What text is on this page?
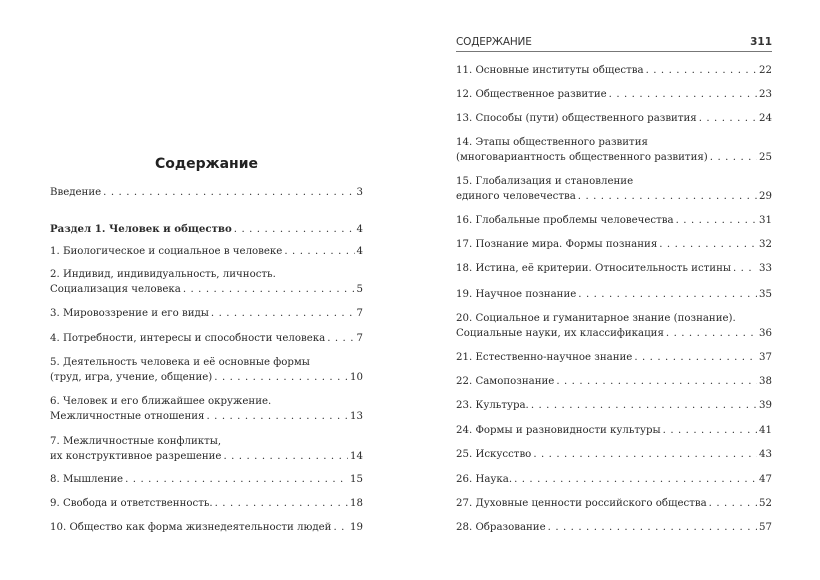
Содержание
Введение . . .	3
Раздел 1. Человек и общество . . .	4
1. Биологическое и социальное в человеке . . .	4
2. Индивид, индивидуальность, личность.
Социализация человека . . .	5
3. Мировоззрение и его виды . . .	7
4. Потребности, интересы и способности человека . . .	7
5. Деятельность человека и её основные формы
(труд, игра, учение, общение) . . .	10
6. Человек и его ближайшее окружение.
Межличностные отношения . . .	13
7. Межличностные конфликты,
их конструктивное разрешение . . .	14
8. Мышление . . .	15
9. Свобода и ответственность. . . .	18
10. Общество как форма жизнедеятельности людей . . . 19
СОДЕРЖАНИЕ	311
11. Основные институты общества . . .	22
12. Общественное развитие . . .	23
13. Способы (пути) общественного развития . . .	24
14. Этапы общественного развития
(многовариантность общественного развития) . . .	25
15. Глобализация и становление
единого человечества . . .	29
16. Глобальные проблемы человечества . . .	31
17. Познание мира. Формы познания . . .	32
18. Истина, её критерии. Относительность истины . . .	33
19. Научное познание . . .	35
20. Социальное и гуманитарное знание (познание).
Социальные науки, их классификация . . .	36
21. Естественно-научное знание . . .	37
22. Самопознание . . .	38
23. Культура. . . .	39
24. Формы и разновидности культуры . . .	41
25. Искусство . . .	43
26. Наука. . . .	47
27. Духовные ценности российского общества . . .	52
28. Образование . . .	57
